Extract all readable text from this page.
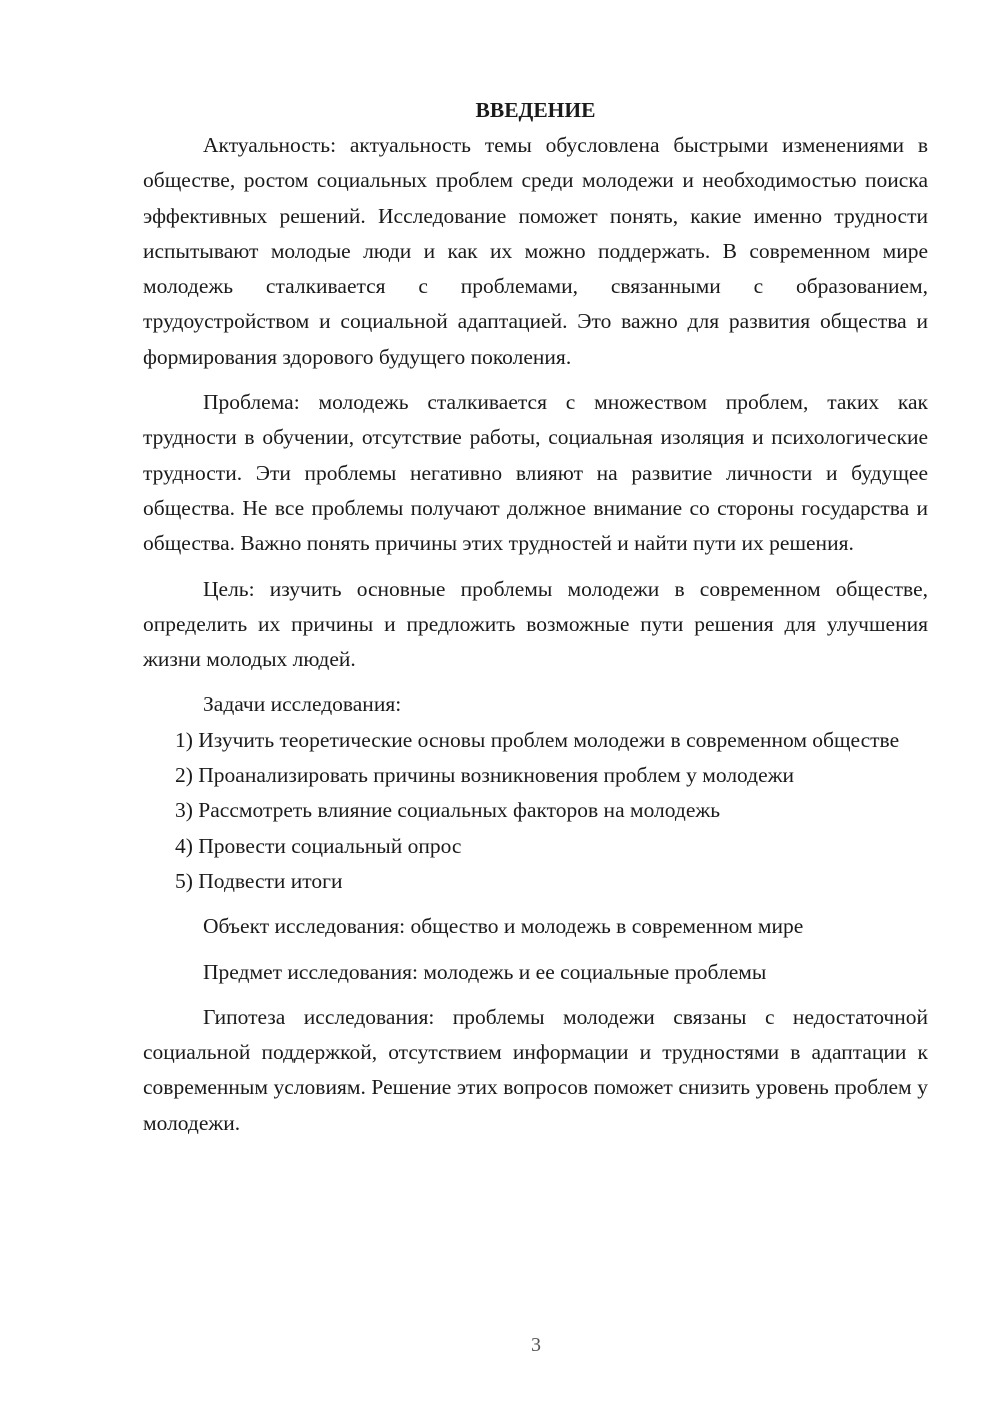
ВВЕДЕНИЕ

Актуальность: актуальность темы обусловлена быстрыми изменениями в обществе, ростом социальных проблем среди молодежи и необходимостью поиска эффективных решений. Исследование поможет понять, какие именно трудности испытывают молодые люди и как их можно поддержать. В современном мире молодежь сталкивается с проблемами, связанными с образованием, трудоустройством и социальной адаптацией. Это важно для развития общества и формирования здорового будущего поколения.

Проблема: молодежь сталкивается с множеством проблем, таких как трудности в обучении, отсутствие работы, социальная изоляция и психологические трудности. Эти проблемы негативно влияют на развитие личности и будущее общества. Не все проблемы получают должное внимание со стороны государства и общества. Важно понять причины этих трудностей и найти пути их решения.

Цель: изучить основные проблемы молодежи в современном обществе, определить их причины и предложить возможные пути решения для улучшения жизни молодых людей.

Задачи исследования:

1) Изучить теоретические основы проблем молодежи в современном обществе

2) Проанализировать причины возникновения проблем у молодежи

3) Рассмотреть влияние социальных факторов на молодежь

4) Провести социальный опрос

5) Подвести итоги

Объект исследования: общество и молодежь в современном мире

Предмет исследования: молодежь и ее социальные проблемы

Гипотеза исследования: проблемы молодежи связаны с недостаточной социальной поддержкой, отсутствием информации и трудностями в адаптации к современным условиям. Решение этих вопросов поможет снизить уровень проблем у молодежи.

3
